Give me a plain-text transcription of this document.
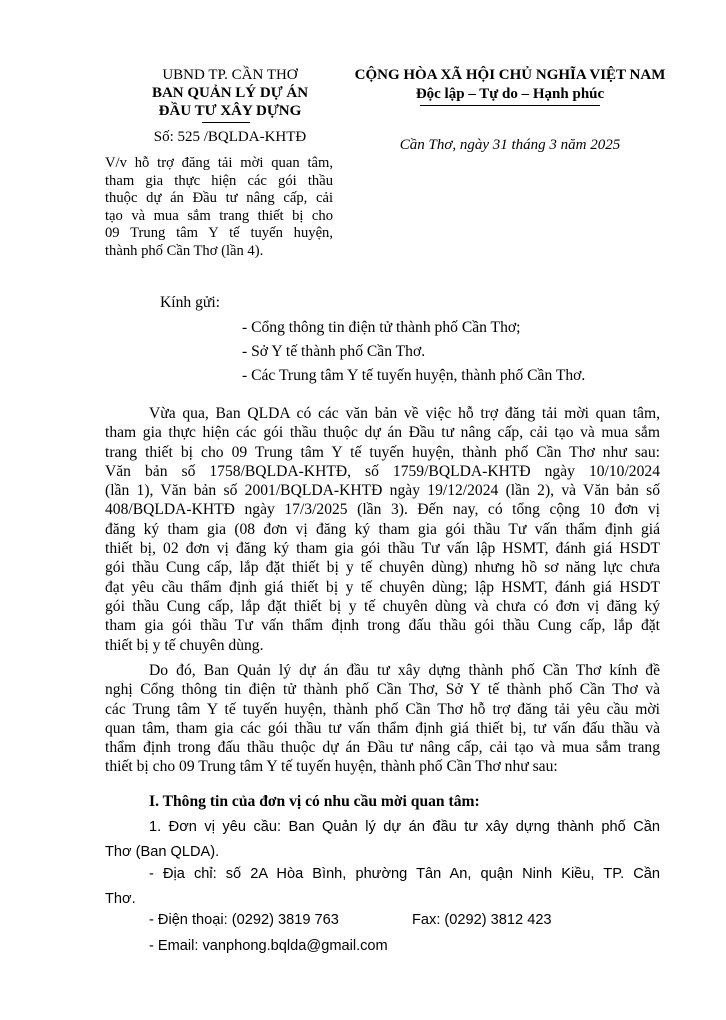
UBND TP. CẦN THƠ
BAN QUẢN LÝ DỰ ÁN
ĐẦU TƯ XÂY DỰNG
Số: 525 /BQLDA-KHTĐ
V/v hỗ trợ đăng tải mời quan tâm,
tham gia thực hiện các gói thầu
thuộc dự án Đầu tư nâng cấp, cải
tạo và mua sắm trang thiết bị cho
09 Trung tâm Y tế tuyến huyện,
thành phố Cần Thơ (lần 4).
CỘNG HÒA XÃ HỘI CHỦ NGHĨA VIỆT NAM
Độc lập – Tự do – Hạnh phúc
Cần Thơ, ngày 31 tháng 3 năm 2025
Kính gửi:
- Cổng thông tin điện tử thành phố Cần Thơ;
- Sở Y tế thành phố Cần Thơ.
- Các Trung tâm Y tế tuyến huyện, thành phố Cần Thơ.
Vừa qua, Ban QLDA có các văn bản về việc hỗ trợ đăng tải mời quan tâm,
tham gia thực hiện các gói thầu thuộc dự án Đầu tư nâng cấp, cải tạo và mua sắm
trang thiết bị cho 09 Trung tâm Y tế tuyến huyện, thành phố Cần Thơ như sau:
Văn bản số 1758/BQLDA-KHTĐ, số 1759/BQLDA-KHTĐ ngày 10/10/2024
(lần 1), Văn bản số 2001/BQLDA-KHTĐ ngày 19/12/2024 (lần 2), và Văn bản số
408/BQLDA-KHTĐ ngày 17/3/2025 (lần 3). Đến nay, có tổng cộng 10 đơn vị
đăng ký tham gia (08 đơn vị đăng ký tham gia gói thầu Tư vấn thẩm định giá
thiết bị, 02 đơn vị đăng ký tham gia gói thầu Tư vấn lập HSMT, đánh giá HSDT
gói thầu Cung cấp, lắp đặt thiết bị y tế chuyên dùng) nhưng hồ sơ năng lực chưa
đạt yêu cầu thẩm định giá thiết bị y tế chuyên dùng; lập HSMT, đánh giá HSDT
gói thầu Cung cấp, lắp đặt thiết bị y tế chuyên dùng và chưa có đơn vị đăng ký
tham gia gói thầu Tư vấn thẩm định trong đấu thầu gói thầu Cung cấp, lắp đặt
thiết bị y tế chuyên dùng.
Do đó, Ban Quản lý dự án đầu tư xây dựng thành phố Cần Thơ kính đề
nghị Cổng thông tin điện tử thành phố Cần Thơ, Sở Y tế thành phố Cần Thơ và
các Trung tâm Y tế tuyến huyện, thành phố Cần Thơ hỗ trợ đăng tải yêu cầu mời
quan tâm, tham gia các gói thầu tư vấn thẩm định giá thiết bị, tư vấn đấu thầu và
thẩm định trong đấu thầu thuộc dự án Đầu tư nâng cấp, cải tạo và mua sắm trang
thiết bị cho 09 Trung tâm Y tế tuyến huyện, thành phố Cần Thơ như sau:
I. Thông tin của đơn vị có nhu cầu mời quan tâm:
1. Đơn vị yêu cầu: Ban Quản lý dự án đầu tư xây dựng thành phố Cần
Thơ (Ban QLDA).
- Địa chỉ: số 2A Hòa Bình, phường Tân An, quận Ninh Kiều, TP. Cần
Thơ.
- Điện thoại: (0292) 3819 763	Fax: (0292) 3812 423
- Email: vanphong.bqlda@gmail.com
